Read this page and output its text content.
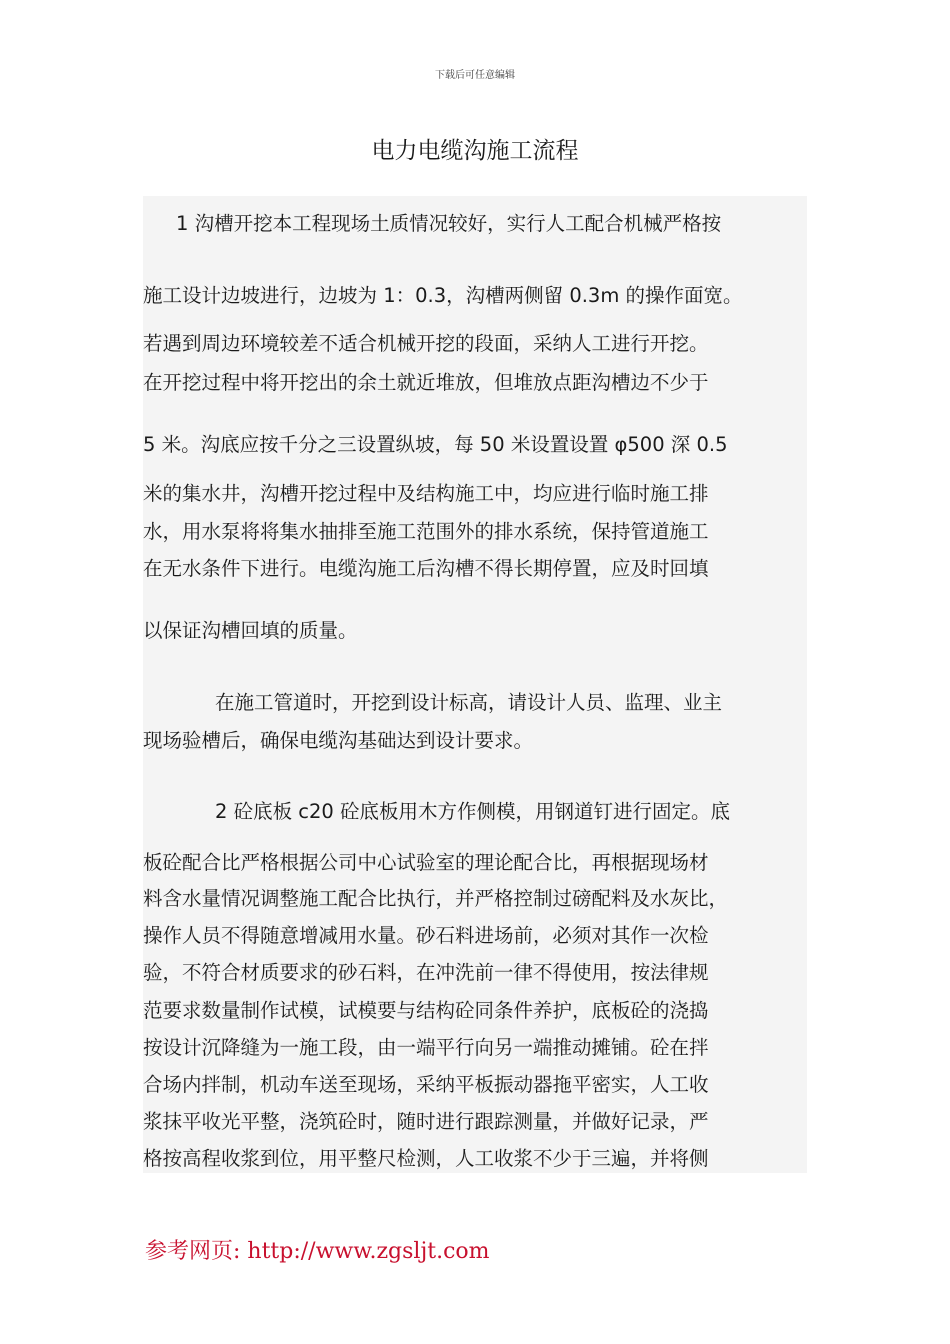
下载后可任意编辑
电力电缆沟施工流程
1 沟槽开挖本工程现场土质情况较好，实行人工配合机械严格按
施工设计边坡进行，边坡为 1：0.3，沟槽两侧留 0.3m 的操作面宽。
若遇到周边环境较差不适合机械开挖的段面，采纳人工进行开挖。
在开挖过程中将开挖出的余土就近堆放，但堆放点距沟槽边不少于
5 米。沟底应按千分之三设置纵坡，每 50 米设置设置 φ500 深 0.5
米的集水井，沟槽开挖过程中及结构施工中，均应进行临时施工排
水，用水泵将将集水抽排至施工范围外的排水系统，保持管道施工
在无水条件下进行。电缆沟施工后沟槽不得长期停置，应及时回填
以保证沟槽回填的质量。
在施工管道时，开挖到设计标高，请设计人员、监理、业主
现场验槽后，确保电缆沟基础达到设计要求。
2 砼底板 c20 砼底板用木方作侧模，用钢道钉进行固定。底
板砼配合比严格根据公司中心试验室的理论配合比，再根据现场材
料含水量情况调整施工配合比执行，并严格控制过磅配料及水灰比，
操作人员不得随意增减用水量。砂石料进场前，必须对其作一次检
验，不符合材质要求的砂石料，在冲洗前一律不得使用，按法律规
范要求数量制作试模，试模要与结构砼同条件养护，底板砼的浇捣
按设计沉降缝为一施工段，由一端平行向另一端推动摊铺。砼在拌
合场内拌制，机动车送至现场，采纳平板振动器拖平密实，人工收
浆抹平收光平整，浇筑砼时，随时进行跟踪测量，并做好记录，严
格按高程收浆到位，用平整尺检测，人工收浆不少于三遍，并将侧
参考网页: http://www.zgsljt.com
